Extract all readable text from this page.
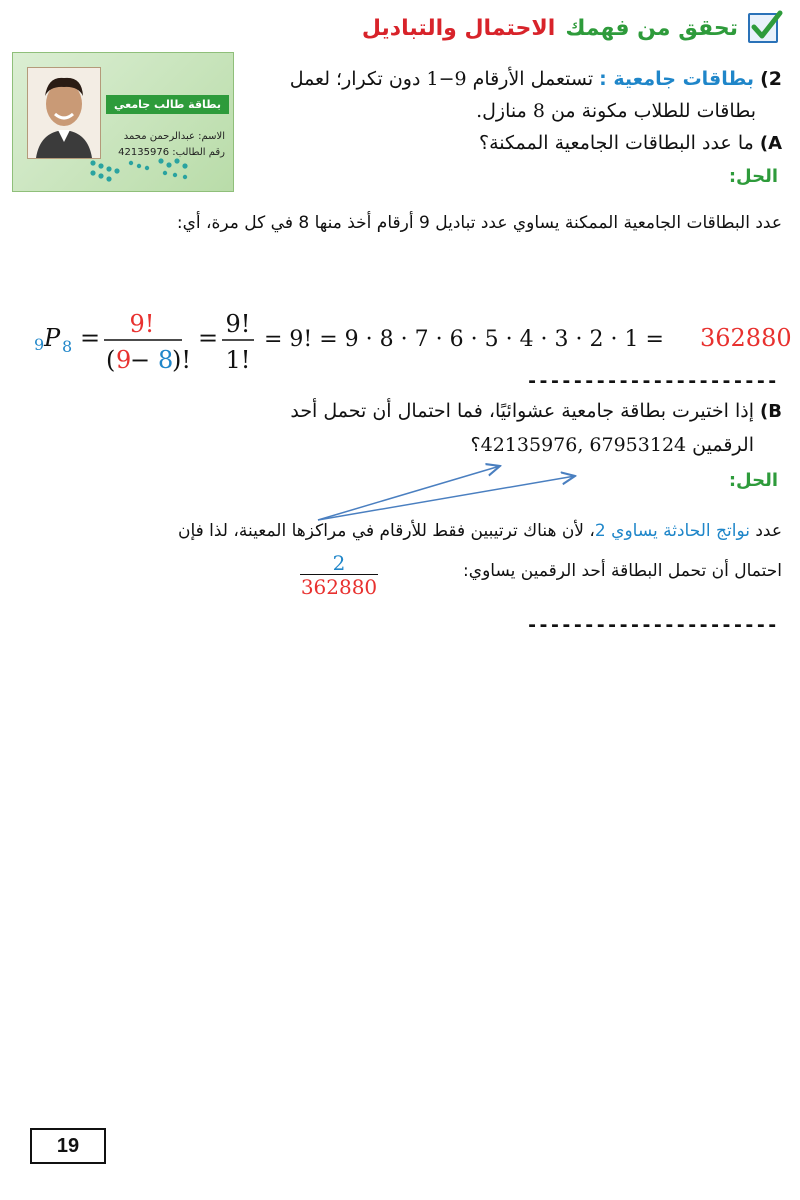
تحقق من فهمك
الاحتمال والتباديل
بطاقة طالب جامعي
الاسم: عبدالرحمن محمد
رقم الطالب: 42135976
2) بطاقات جامعية : تستعمل الأرقام 9−1 دون تكرار؛ لعمل
بطاقات للطلاب مكونة من 8 منازل.
A) ما عدد البطاقات الجامعية الممكنة؟
الحل:
عدد البطاقات الجامعية الممكنة يساوي عدد تباديل 9 أرقام أخذ منها 8 في كل مرة، أي:
9 P 8 = 9!
( 9
− 8
)!
= 9!
1!
= 9! = 9 · 8 · 7 · 6 · 5 · 4 · 3 · 2 · 1 = 362880
----------------------
B) إذا اختيرت بطاقة جامعية عشوائيًا، فما احتمال أن تحمل أحد
الرقمين 42135976, 67953124؟
الحل:
عدد نواتج الحادثة يساوي 2، لأن هناك ترتيبين فقط للأرقام في مراكزها المعينة، لذا فإن
احتمال أن تحمل البطاقة أحد الرقمين يساوي:
$\frac{2}{362880}$
----------------------
19
